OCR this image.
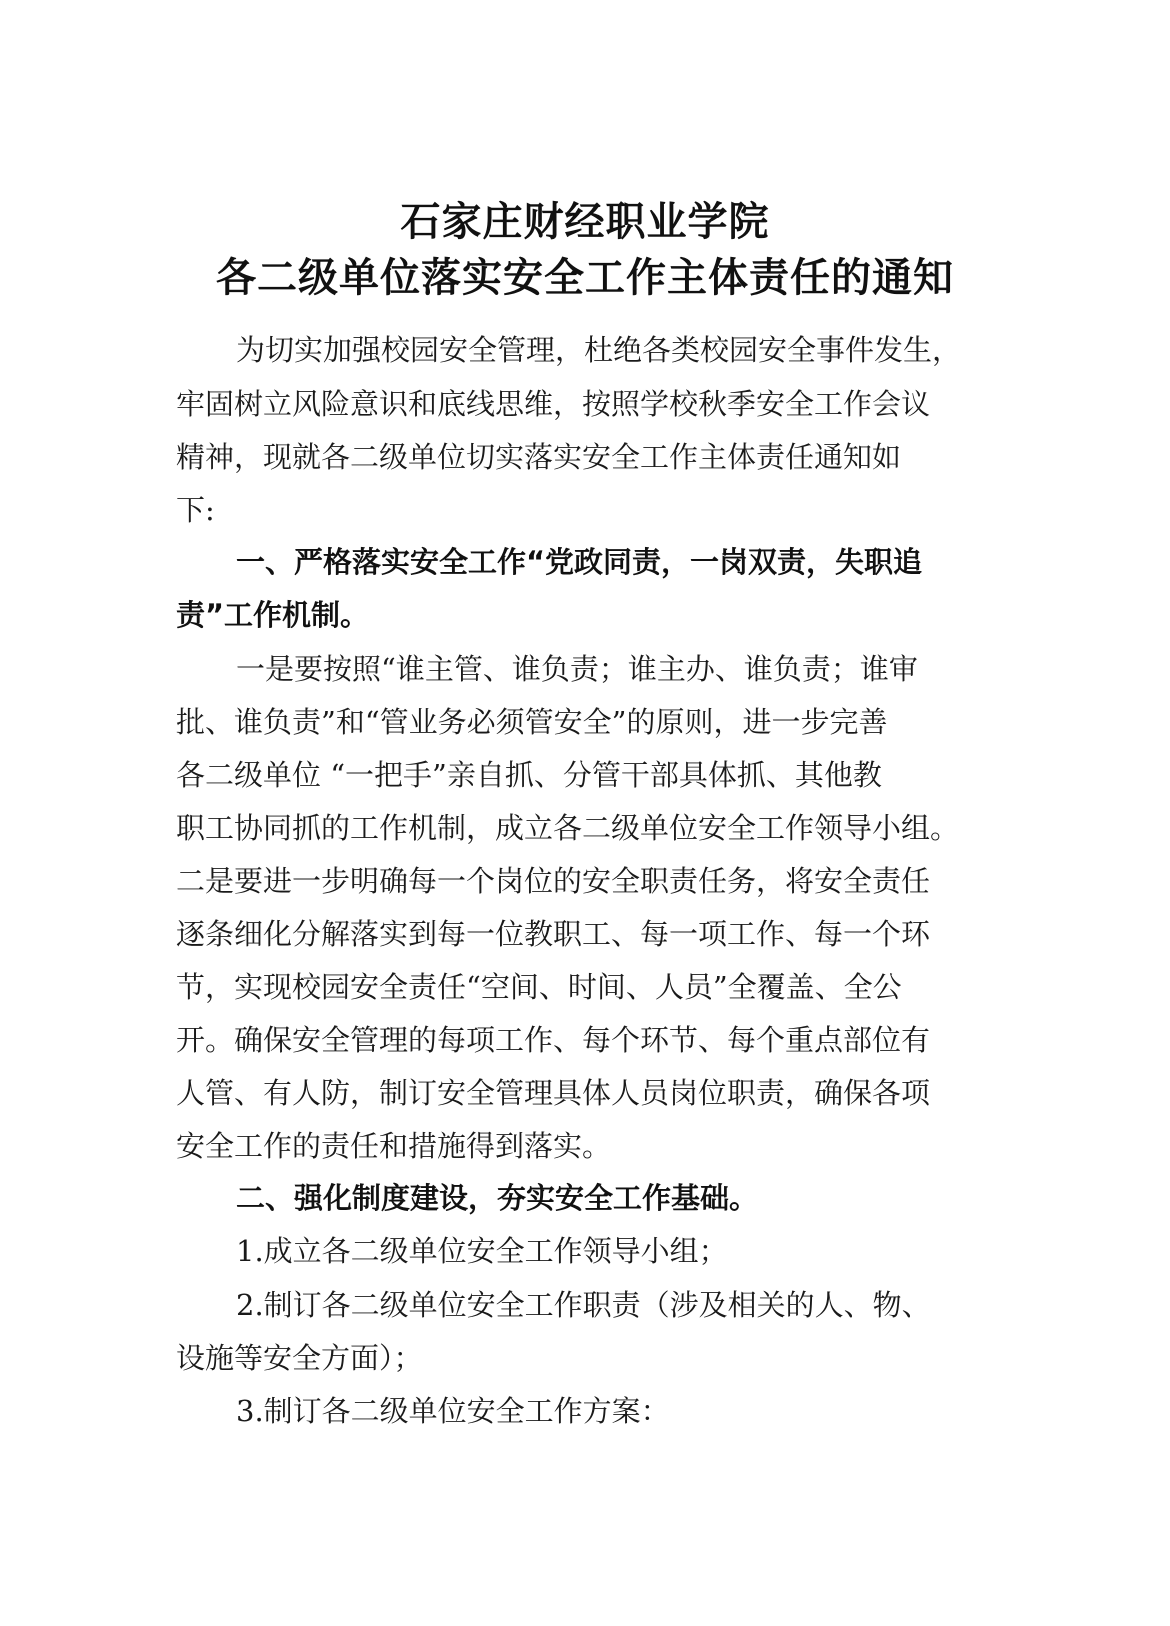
石家庄财经职业学院
各二级单位落实安全工作主体责任的通知
为切实加强校园安全管理，杜绝各类校园安全事件发生，
牢固树立风险意识和底线思维，按照学校秋季安全工作会议
精神，现就各二级单位切实落实安全工作主体责任通知如
下:
一、严格落实安全工作“党政同责，一岗双责，失职追
责”工作机制。
一是要按照“谁主管、谁负责；谁主办、谁负责；谁审
批、谁负责”和“管业务必须管安全”的原则，进一步完善
各二级单位 “一把手”亲自抓、分管干部具体抓、其他教
职工协同抓的工作机制，成立各二级单位安全工作领导小组。
二是要进一步明确每一个岗位的安全职责任务，将安全责任
逐条细化分解落实到每一位教职工、每一项工作、每一个环
节，实现校园安全责任“空间、时间、人员”全覆盖、全公
开。确保安全管理的每项工作、每个环节、每个重点部位有
人管、有人防，制订安全管理具体人员岗位职责，确保各项
安全工作的责任和措施得到落实。
二、强化制度建设，夯实安全工作基础。
1.成立各二级单位安全工作领导小组；
2.制订各二级单位安全工作职责（涉及相关的人、物、
设施等安全方面）；
3.制订各二级单位安全工作方案：
